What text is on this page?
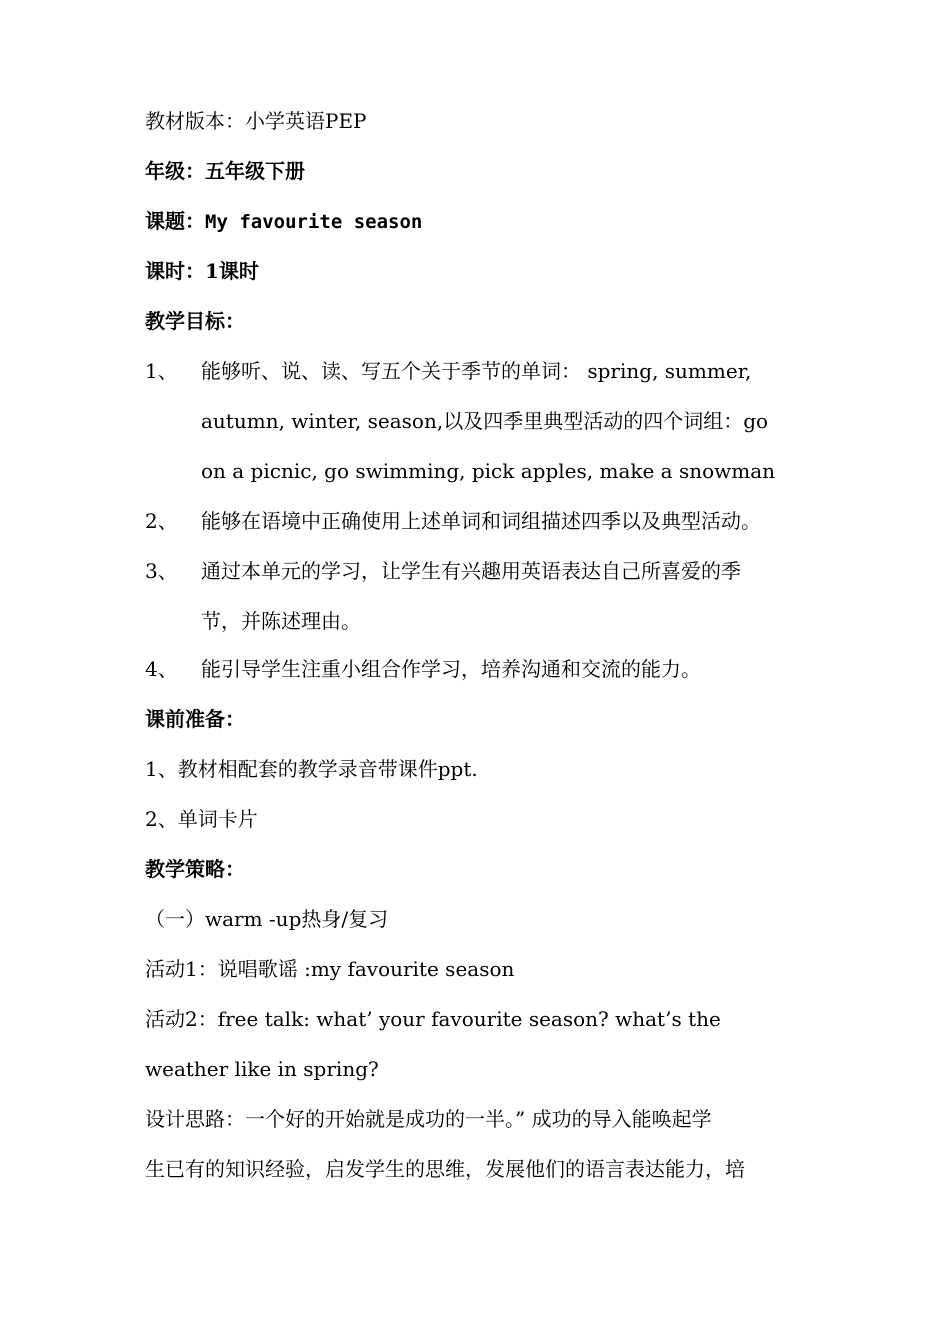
教材版本：小学英语PEP
年级：五年级下册
课题：My favourite season
课时：1课时
教学目标：
1、 能够听、说、读、写五个关于季节的单词： spring, summer,
autumn, winter, season,以及四季里典型活动的四个词组：go
on a picnic, go swimming, pick apples, make a snowman
2、 能够在语境中正确使用上述单词和词组描述四季以及典型活动。
3、 通过本单元的学习，让学生有兴趣用英语表达自己所喜爱的季
节，并陈述理由。
4、 能引导学生注重小组合作学习，培养沟通和交流的能力。
课前准备：
1、教材相配套的教学录音带课件ppt.
2、单词卡片
教学策略：
（一）warm -up热身/复习
活动1：说唱歌谣 :my favourite season
活动2：free talk: what’ your favourite season? what’s the
weather like in spring?
设计思路：一个好的开始就是成功的一半。” 成功的导入能唤起学
生已有的知识经验，启发学生的思维，发展他们的语言表达能力，培
